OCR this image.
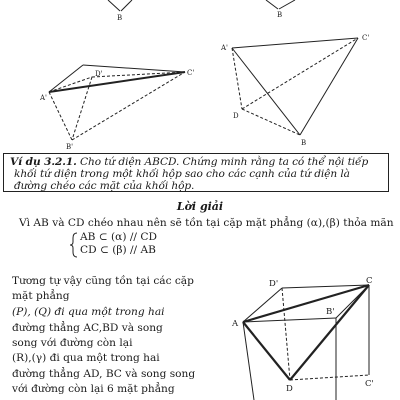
B	B
D'
A'
B'
C'
A'
C'
D
B
D'	C
B'
A
D	C'
Ví dụ 3.2.1. Cho tứ diện ABCD. Chứng minh rằng ta có thể nội tiếp
khối tứ diện trong một khối hộp sao cho các cạnh của tứ diện là
đường chéo các mặt của khối hộp.
Lời giải
Vì AB và CD chéo nhau nên sẽ tồn tại cặp mặt phẳng (α),(β) thỏa mãn
AB ⊂ (α) // CD
CD ⊂ (β) // AB
Tương tự vậy cũng tồn tại các cặp
mặt phẳng
(P), (Q) đi qua một trong hai
đường thẳng AC,BD và song
song với đường còn lại
(R),(γ) đi qua một trong hai
đường thẳng AD, BC và song song
với đường còn lại 6 mặt phẳng
